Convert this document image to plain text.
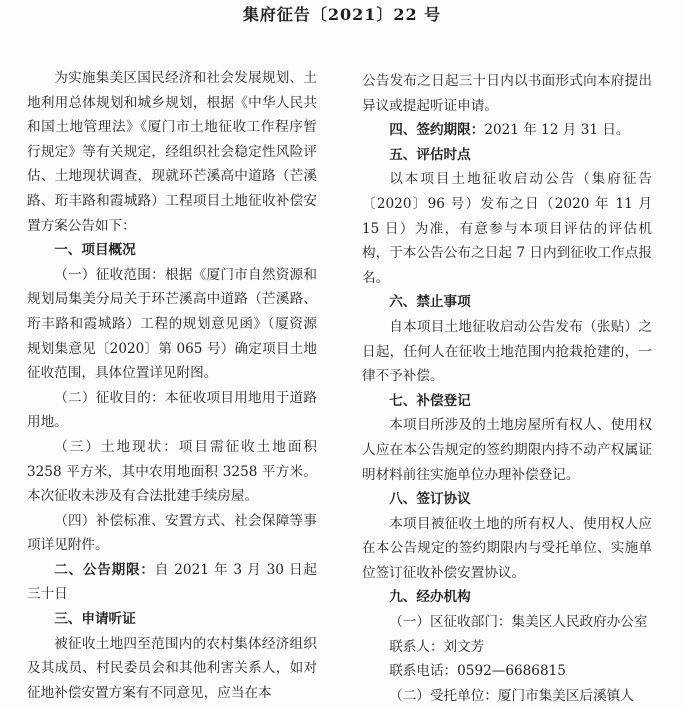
集府征告〔2021〕22 号

为实施集美区国民经济和社会发展规划、土地利用总体规划和城乡规划，根据《中华人民共和国土地管理法》《厦门市土地征收工作程序暂行规定》等有关规定，经组织社会稳定性风险评估、土地现状调查，现就环芒溪高中道路（芒溪路、珩丰路和霞城路）工程项目土地征收补偿安置方案公告如下：

一、项目概况

（一）征收范围：根据《厦门市自然资源和规划局集美分局关于环芒溪高中道路（芒溪路、珩丰路和霞城路）工程的规划意见函》（厦资源规划集意见〔2020〕第 065 号）确定项目土地征收范围，具体位置详见附图。

（二）征收目的：本征收项目用地用于道路用地。

（三）土地现状：项目需征收土地面积 3258 平方米，其中农用地面积 3258 平方米。本次征收未涉及有合法批建手续房屋。

（四）补偿标准、安置方式、社会保障等事项详见附件。

二、公告期限：自 2021 年 3 月 30 日起三十日

三、申请听证

被征收土地四至范围内的农村集体经济组织及其成员、村民委员会和其他利害关系人，如对征地补偿安置方案有不同意见，应当在本

公告发布之日起三十日内以书面形式向本府提出异议或提起听证申请。

四、签约期限：2021 年 12 月 31 日。

五、评估时点

以本项目土地征收启动公告（集府征告〔2020〕96 号）发布之日（2020 年 11 月 15 日）为准，有意参与本项目评估的评估机构，于本公告公布之日起 7 日内到征收工作点报名。

六、禁止事项

自本项目土地征收启动公告发布（张贴）之日起，任何人在征收土地范围内抢栽抢建的，一律不予补偿。

七、补偿登记

本项目所涉及的土地房屋所有权人、使用权人应在本公告规定的签约期限内持不动产权属证明材料前往实施单位办理补偿登记。

八、签订协议

本项目被征收土地的所有权人、使用权人应在本公告规定的签约期限内与受托单位、实施单位签订征收补偿安置协议。

九、经办机构

（一）区征收部门：集美区人民政府办公室

联系人：刘文芳

联系电话：0592—6686815

（二）受托单位：厦门市集美区后溪镇人
